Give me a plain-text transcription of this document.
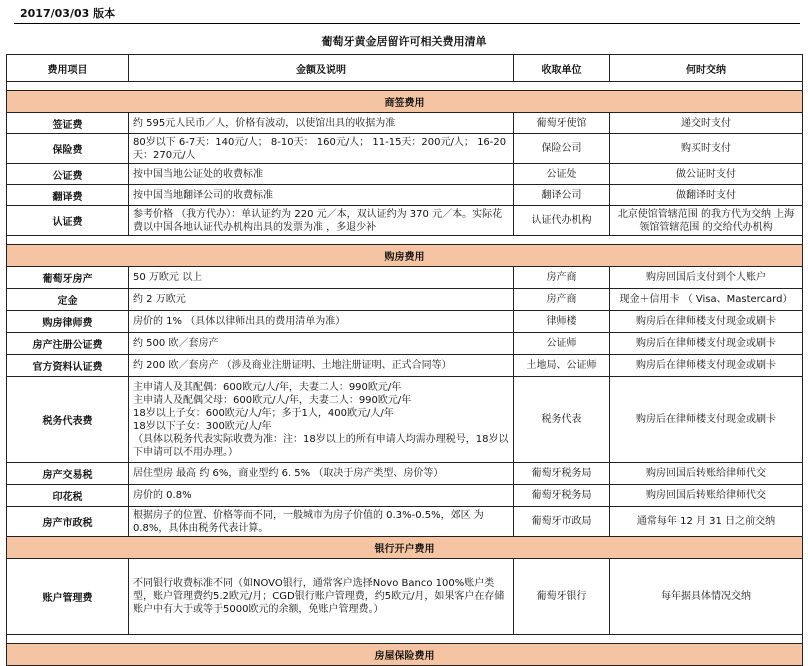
2017/03/03 版本
葡萄牙黄金居留许可相关费用清单
费用项目	金额及说明	收取单位	何时交纳

商签费用			
签证费	约 595元人民币／人，价格有波动，以使馆出具的收据为准	葡萄牙使馆	递交时支付
保险费	80岁以下 6-7天：140元/人； 8-10天： 160元/人； 11-15天：200元/人； 16-20天：270元/人	保险公司	购买时支付
公证费	按中国当地公证处的收费标准	公证处	做公证时支付
翻译费	按中国当地翻译公司的收费标准	翻译公司	做翻译时支付
认证费	参考价格 （我方代办）：单认证约为 220 元／本，双认证约为 370 元／本。实际花费以中国各地认证代办机构出具的发票为准 ，多退少补	认证代办机构	北京使馆管辖范围 的我方代为交纳 上海领馆管辖范围 的交给代办机构

购房费用			
葡萄牙房产	50 万欧元 以上	房产商	购房回国后支付到个人账户
定金	约 2 万欧元	房产商	现金＋信用卡 （ Visa、Mastercard）
购房律师费	房价的 1% （具体以律师出具的费用清单为准）	律师楼	购房后在律师楼支付现金或刷卡
房产注册公证费	约 500 欧／套房产	公证师	购房后在律师楼支付现金或刷卡
官方资料认证费	约 200 欧／套房产 （涉及商业注册证明、土地注册证明、正式合同等）	土地局、公证师	购房后在律师楼支付现金或刷卡
税务代表费	主申请人及其配偶：600欧元/人/年，夫妻二人：990欧元/年
主申请人及配偶父母：600欧元/人/年，夫妻二人：990欧元/年
18岁以上子女：600欧元/人/年；多于1人，400欧元/人/年
18岁以下子女：300欧元/人/年
（具体以税务代表实际收费为准：注：18岁以上的所有申请人均需办理税号，18岁以下申请可以不用办理。）	税务代表	购房后在律师楼支付现金或刷卡
房产交易税	居住型房 最高 约 6%，商业型约 6. 5% （取决于房产类型、房价等）	葡萄牙税务局	购房回国后转账给律师代交
印花税	房价的 0.8%	葡萄牙税务局	购房回国后转账给律师代交
房产市政税	根据房子的位置、价格等而不同，一般城市为房子价值的 0.3%-0.5%，郊区 为 0.8%，具体由税务代表计算。	葡萄牙市政局	通常每年 12 月 31 日之前交纳
银行开户费用			
账户管理费	不同银行收费标准不同（如NOVO银行，通常客户选择Novo Banco 100%账户类型，账户管理费约5.2欧元/月；CGD银行账户管理费，约5欧元/月，如果客户在存储账户中有大于或等于5000欧元的余额，免账户管理费。）	葡萄牙银行	每年据具体情况交纳

房屋保险费用			
